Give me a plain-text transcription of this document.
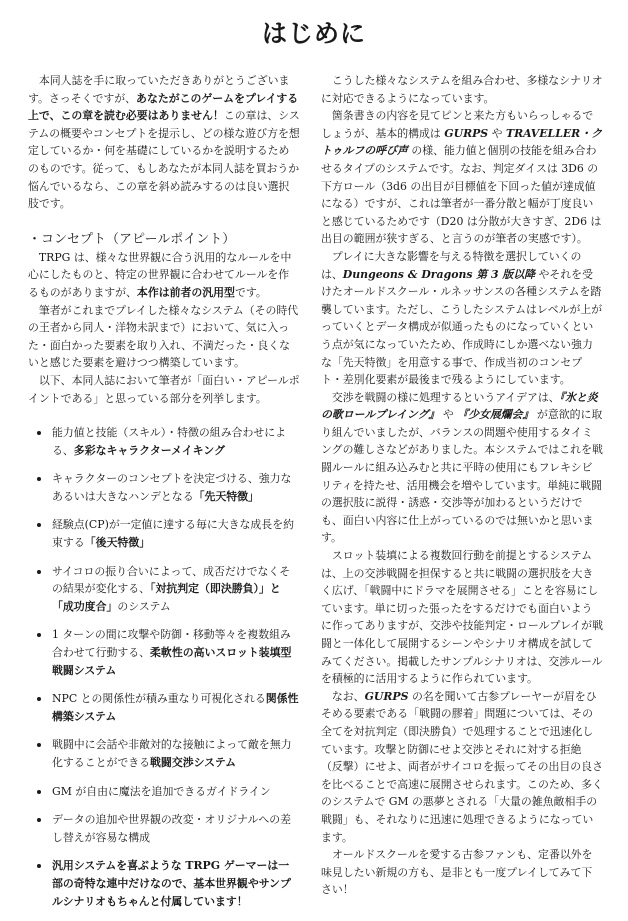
はじめに

本同人誌を手に取っていただきありがとうございます。さっそくですが、あなたがこのゲームをプレイする上で、この章を読む必要はありません！この章は、システムの概要やコンセプトを提示し、どの様な遊び方を想定しているか・何を基礎にしているかを説明するためのものです。従って、もしあなたが本同人誌を買おうか悩んでいるなら、この章を斜め読みするのは良い選択肢です。

・コンセプト（アピールポイント）

TRPG は、様々な世界観に合う汎用的なルールを中心にしたものと、特定の世界観に合わせてルールを作るものがありますが、本作は前者の汎用型です。

筆者がこれまでプレイした様々なシステム（その時代の王者から同人・洋物未訳まで）において、気に入った・面白かった要素を取り入れ、不満だった・良くないと感じた要素を避けつつ構築しています。

以下、本同人誌において筆者が「面白い・アピールポイントである」と思っている部分を列挙します。

能力値と技能（スキル）・特徴の組み合わせによる、多彩なキャラクターメイキング
キャラクターのコンセプトを決定づける、強力なあるいは大きなハンデとなる「先天特徴」
経験点(CP)が一定値に達する毎に大きな成長を約束する「後天特徴」
サイコロの振り合いによって、成否だけでなくその結果が変化する、「対抗判定（即決勝負）」と「成功度合」のシステム
1 ターンの間に攻撃や防御・移動等々を複数組み合わせて行動する、柔軟性の高いスロット装填型戦闘システム
NPC との関係性が積み重なり可視化される関係性構築システム
戦闘中に会話や非敵対的な接触によって敵を無力化することができる戦闘交渉システム
GM が自由に魔法を追加できるガイドライン
データの追加や世界観の改変・オリジナルへの差し替えが容易な構成
汎用システムを喜ぶような TRPG ゲーマーは一部の奇特な連中だけなので、基本世界観やサンプルシナリオもちゃんと付属しています！

こうした様々なシステムを組み合わせ、多様なシナリオに対応できるようになっています。

箇条書きの内容を見てピンと来た方もいらっしゃるでしょうが、基本的構成は GURPS や TRAVELLER・クトゥルフの呼び声 の様、能力値と個別の技能を組み合わせるタイプのシステムです。なお、判定ダイスは 3D6 の下方ロール（3d6 の出目が目標値を下回った値が達成値になる）ですが、これは筆者が一番分散と幅が丁度良いと感じているためです（D20 は分散が大きすぎ、2D6 は出目の範囲が狭すぎる、と言うのが筆者の実感です）。

プレイに大きな影響を与える特徴を選択していくのは、Dungeons & Dragons 第 3 版以降 やそれを受けたオールドスクール・ルネッサンスの各種システムを踏襲しています。ただし、こうしたシステムはレベルが上がっていくとデータ構成が似通ったものになっていくという点が気になっていたため、作成時にしか選べない強力な「先天特徴」を用意する事で、作成当初のコンセプト・差別化要素が最後まで残るようにしています。

交渉を戦闘の様に処理するというアイデアは、『氷と炎の歌ロールプレイング』 や 『少女展爛会』 が意欲的に取り組んでいましたが、バランスの問題や使用するタイミングの難しさなどがありました。本システムではこれを戦闘ルールに組み込みむと共に平時の使用にもフレキシビリティを持たせ、活用機会を増やしています。単純に戦闘の選択肢に説得・誘惑・交渉等が加わるというだけでも、面白い内容に仕上がっているのでは無いかと思います。

スロット装填による複数回行動を前提とするシステムは、上の交渉戦闘を担保すると共に戦闘の選択肢を大きく広げ、「戦闘中にドラマを展開させる」ことを容易にしています。単に切った張ったをするだけでも面白いように作ってありますが、交渉や技能判定・ロールプレイが戦闘と一体化して展開するシーンやシナリオ構成を試してみてください。掲載したサンプルシナリオは、交渉ルールを積極的に活用するように作られています。

なお、GURPS の名を聞いて古参プレーヤーが眉をひそめる要素である「戦闘の膠着」問題については、その全てを対抗判定（即決勝負）で処理することで迅速化しています。攻撃と防御にせよ交渉とそれに対する拒絶（反撃）にせよ、両者がサイコロを振ってその出目の良さを比べることで高速に展開させられます。このため、多くのシステムで GM の悪夢とされる「大量の雑魚敵相手の戦闘」も、それなりに迅速に処理できるようになっています。

オールドスクールを愛する古参ファンも、定番以外を味見したい新規の方も、是非とも一度プレイしてみて下さい！
